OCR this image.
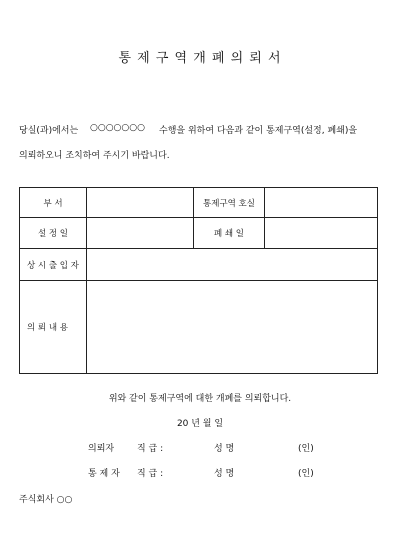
통 제 구 역 개 폐 의 뢰 서
당실(과)에서는 ○○○○○○○ 수행을 위하여 다음과 같이 통제구역(설정, 폐쇄)을
의뢰하오니 조치하여 주시기 바랍니다.
부 서		통제구역 호실	
설 정 일		폐 쇄 일	
상 시 출 입 자			
의 뢰 내 용			
위와 같이 통제구역에 대한 개폐를 의뢰합니다.
20 년 월 일
의뢰자	직 급 :	성 명	(인)
통 제 자 직 급 :	성 명	(인)
주식회사 ○○
